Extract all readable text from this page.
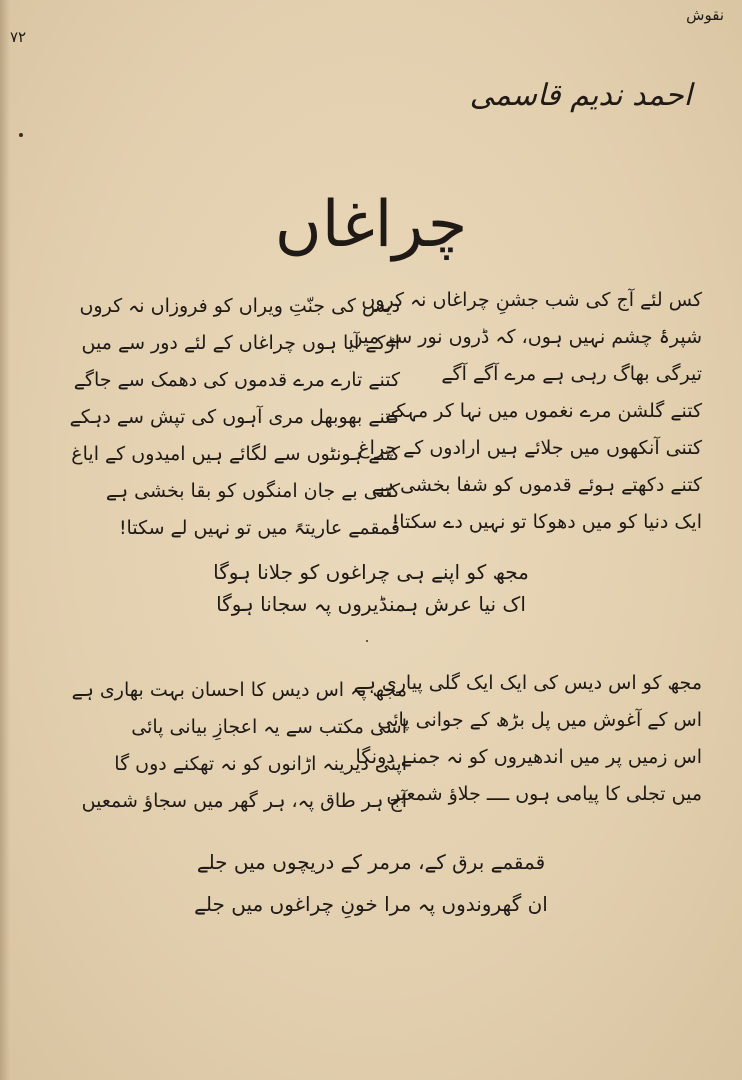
نقوش
۷۲
احمد ندیم قاسمی
چراغاں
کس لئے آج کی شب جشنِ چراغاں نہ کروں
شپرۂ چشم نہیں ہوں، کہ ڈروں نور سے میں
تیرگی بھاگ رہی ہے مرے آگے آگے
کتنے گلشن مرے نغموں میں نہا کر مہکے
کتنی آنکھوں میں جلائے ہیں ارادوں کے چراغ
کتنے دکھتے ہوئے قدموں کو شفا بخشی ہے
ایک دنیا کو میں دھوکا تو نہیں دے سکتا!
دیس کی جنّتِ ویراں کو فروزاں نہ کروں
اڑکے آیا ہوں چراغاں کے لئے دور سے میں
کتنے تارے مرے قدموں کی دھمک سے جاگے
کتنے بھوبھل مری آہوں کی تپش سے دہکے
کتنے ہونٹوں سے لگائے ہیں امیدوں کے ایاغ
کتنی بے جان امنگوں کو بقا بخشی ہے
قمقمے عاریتہً میں تو نہیں لے سکتا!
مجھ کو اپنے ہی چراغوں کو جلانا ہوگا
اک نیا عرش ہمنڈیروں پہ سجانا ہوگا
مجھ کو اس دیس کی ایک ایک گلی پیاری ہے
اس کے آغوش میں پل بڑھ کے جوانی پائی
اس زمیں پر میں اندھیروں کو نہ جمنے دونگا
میں تجلی کا پیامی ہوں ــــ جلاؤ شمعیں
مجھ پہ اس دیس کا احسان بہت بھاری ہے
اسی مکتب سے یہ اعجازِ بیانی پائی
اپنی دیرینہ اڑانوں کو نہ تھکنے دوں گا
آج ہر طاق پہ، ہر گھر میں سجاؤ شمعیں
قمقمے برق کے، مرمر کے دریچوں میں جلے
ان گھروندوں پہ مرا خونِ چراغوں میں جلے
